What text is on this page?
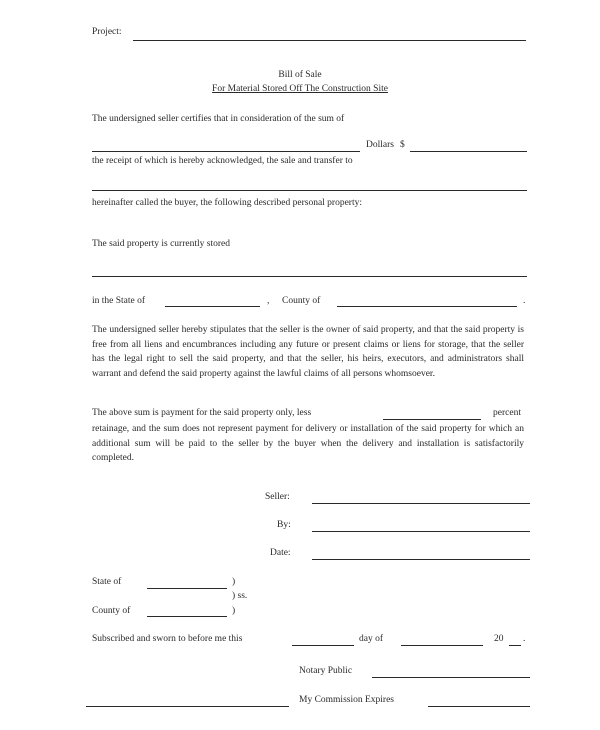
Project:
Bill of Sale
For Material Stored Off The Construction Site
The undersigned seller certifies that in consideration of the sum of
Dollars $
the receipt of which is hereby acknowledged, the sale and transfer to
hereinafter called the buyer, the following described personal property:
The said property is currently stored
in the State of	, County of	.
The undersigned seller hereby stipulates that the seller is the owner of said property, and that the said property is free from all liens and encumbrances including any future or present claims or liens for storage, that the seller has the legal right to sell the said property, and that the seller, his heirs, executors, and administrators shall warrant and defend the said property against the lawful claims of all persons whomsoever.
The above sum is payment for the said property only, less	percent
retainage, and the sum does not represent payment for delivery or installation of the said property for which an additional sum will be paid to the seller by the buyer when the delivery and installation is satisfactorily completed.
Seller:
By:
Date:
State of	)
) ss.
County of	)
Subscribed and sworn to before me this	day of	20 .
Notary Public
My Commission Expires
